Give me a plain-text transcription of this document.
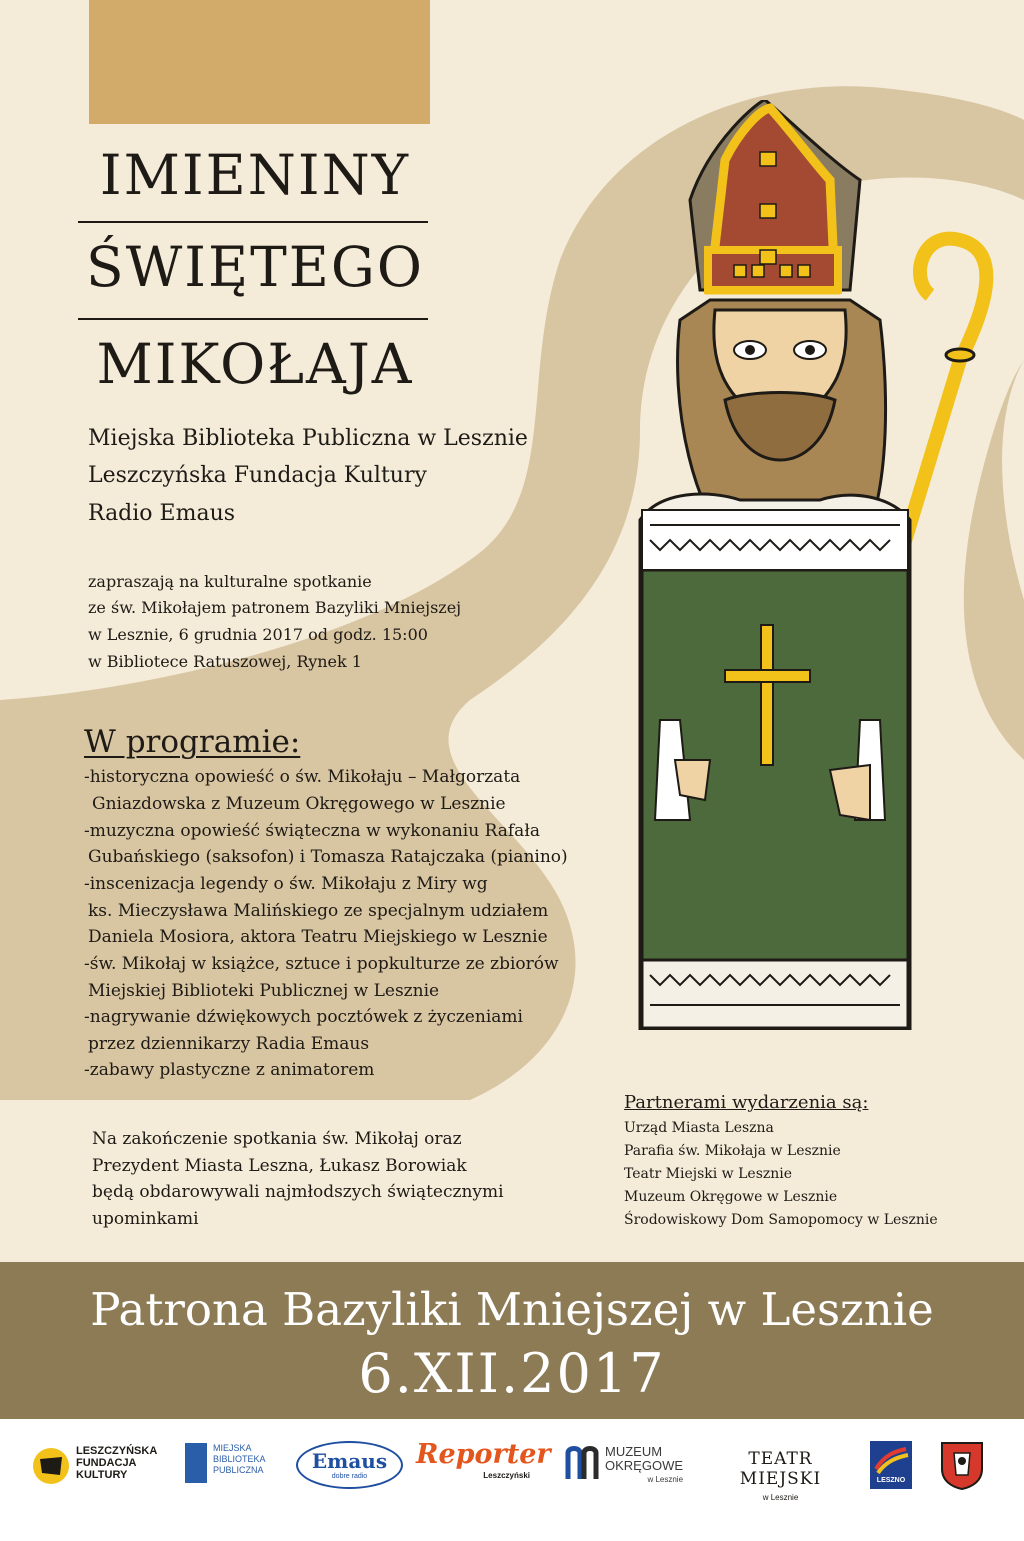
IMIENINY
ŚWIĘTEGO
MIKOŁAJA
Miejska Biblioteka Publiczna w Lesznie
Leszczyńska Fundacja Kultury
Radio Emaus
zapraszają na kulturalne spotkanie
ze św. Mikołajem patronem Bazyliki Mniejszej
w Lesznie, 6 grudnia 2017 od godz. 15:00
w Bibliotece Ratuszowej, Rynek 1
W programie:
-historyczna opowieść o św. Mikołaju – Małgorzata
Gniazdowska z Muzeum Okręgowego w Lesznie
-muzyczna opowieść świąteczna w wykonaniu Rafała
Gubańskiego (saksofon) i Tomasza Ratajczaka (pianino)
-inscenizacja legendy o św. Mikołaju z Miry wg
ks. Mieczysława Malińskiego ze specjalnym udziałem
Daniela Mosiora, aktora Teatru Miejskiego w Lesznie
-św. Mikołaj w książce, sztuce i popkulturze ze zbiorów
Miejskiej Biblioteki Publicznej w Lesznie
-nagrywanie dźwiękowych pocztówek z życzeniami
przez dziennikarzy Radia Emaus
-zabawy plastyczne z animatorem
Na zakończenie spotkania św. Mikołaj oraz
Prezydent Miasta Leszna, Łukasz Borowiak
będą obdarowywali najmłodszych świątecznymi
upominkami
Partnerami wydarzenia są:
Urząd Miasta Leszna
Parafia św. Mikołaja w Lesznie
Teatr Miejski w Lesznie
Muzeum Okręgowe w Lesznie
Środowiskowy Dom Samopomocy w Lesznie
Patrona Bazyliki Mniejszej w Lesznie
6.XII.2017
LESZCZYŃSKA
FUNDACJA
KULTURY
MIEJSKA
BIBLIOTEKA
PUBLICZNA	Emaus
dobre radio
Reporter
Leszczyński
MUZEUM
OKRĘGOWE
w Lesznie
TEATR MIEJSKI
w Lesznie
LESZNO
